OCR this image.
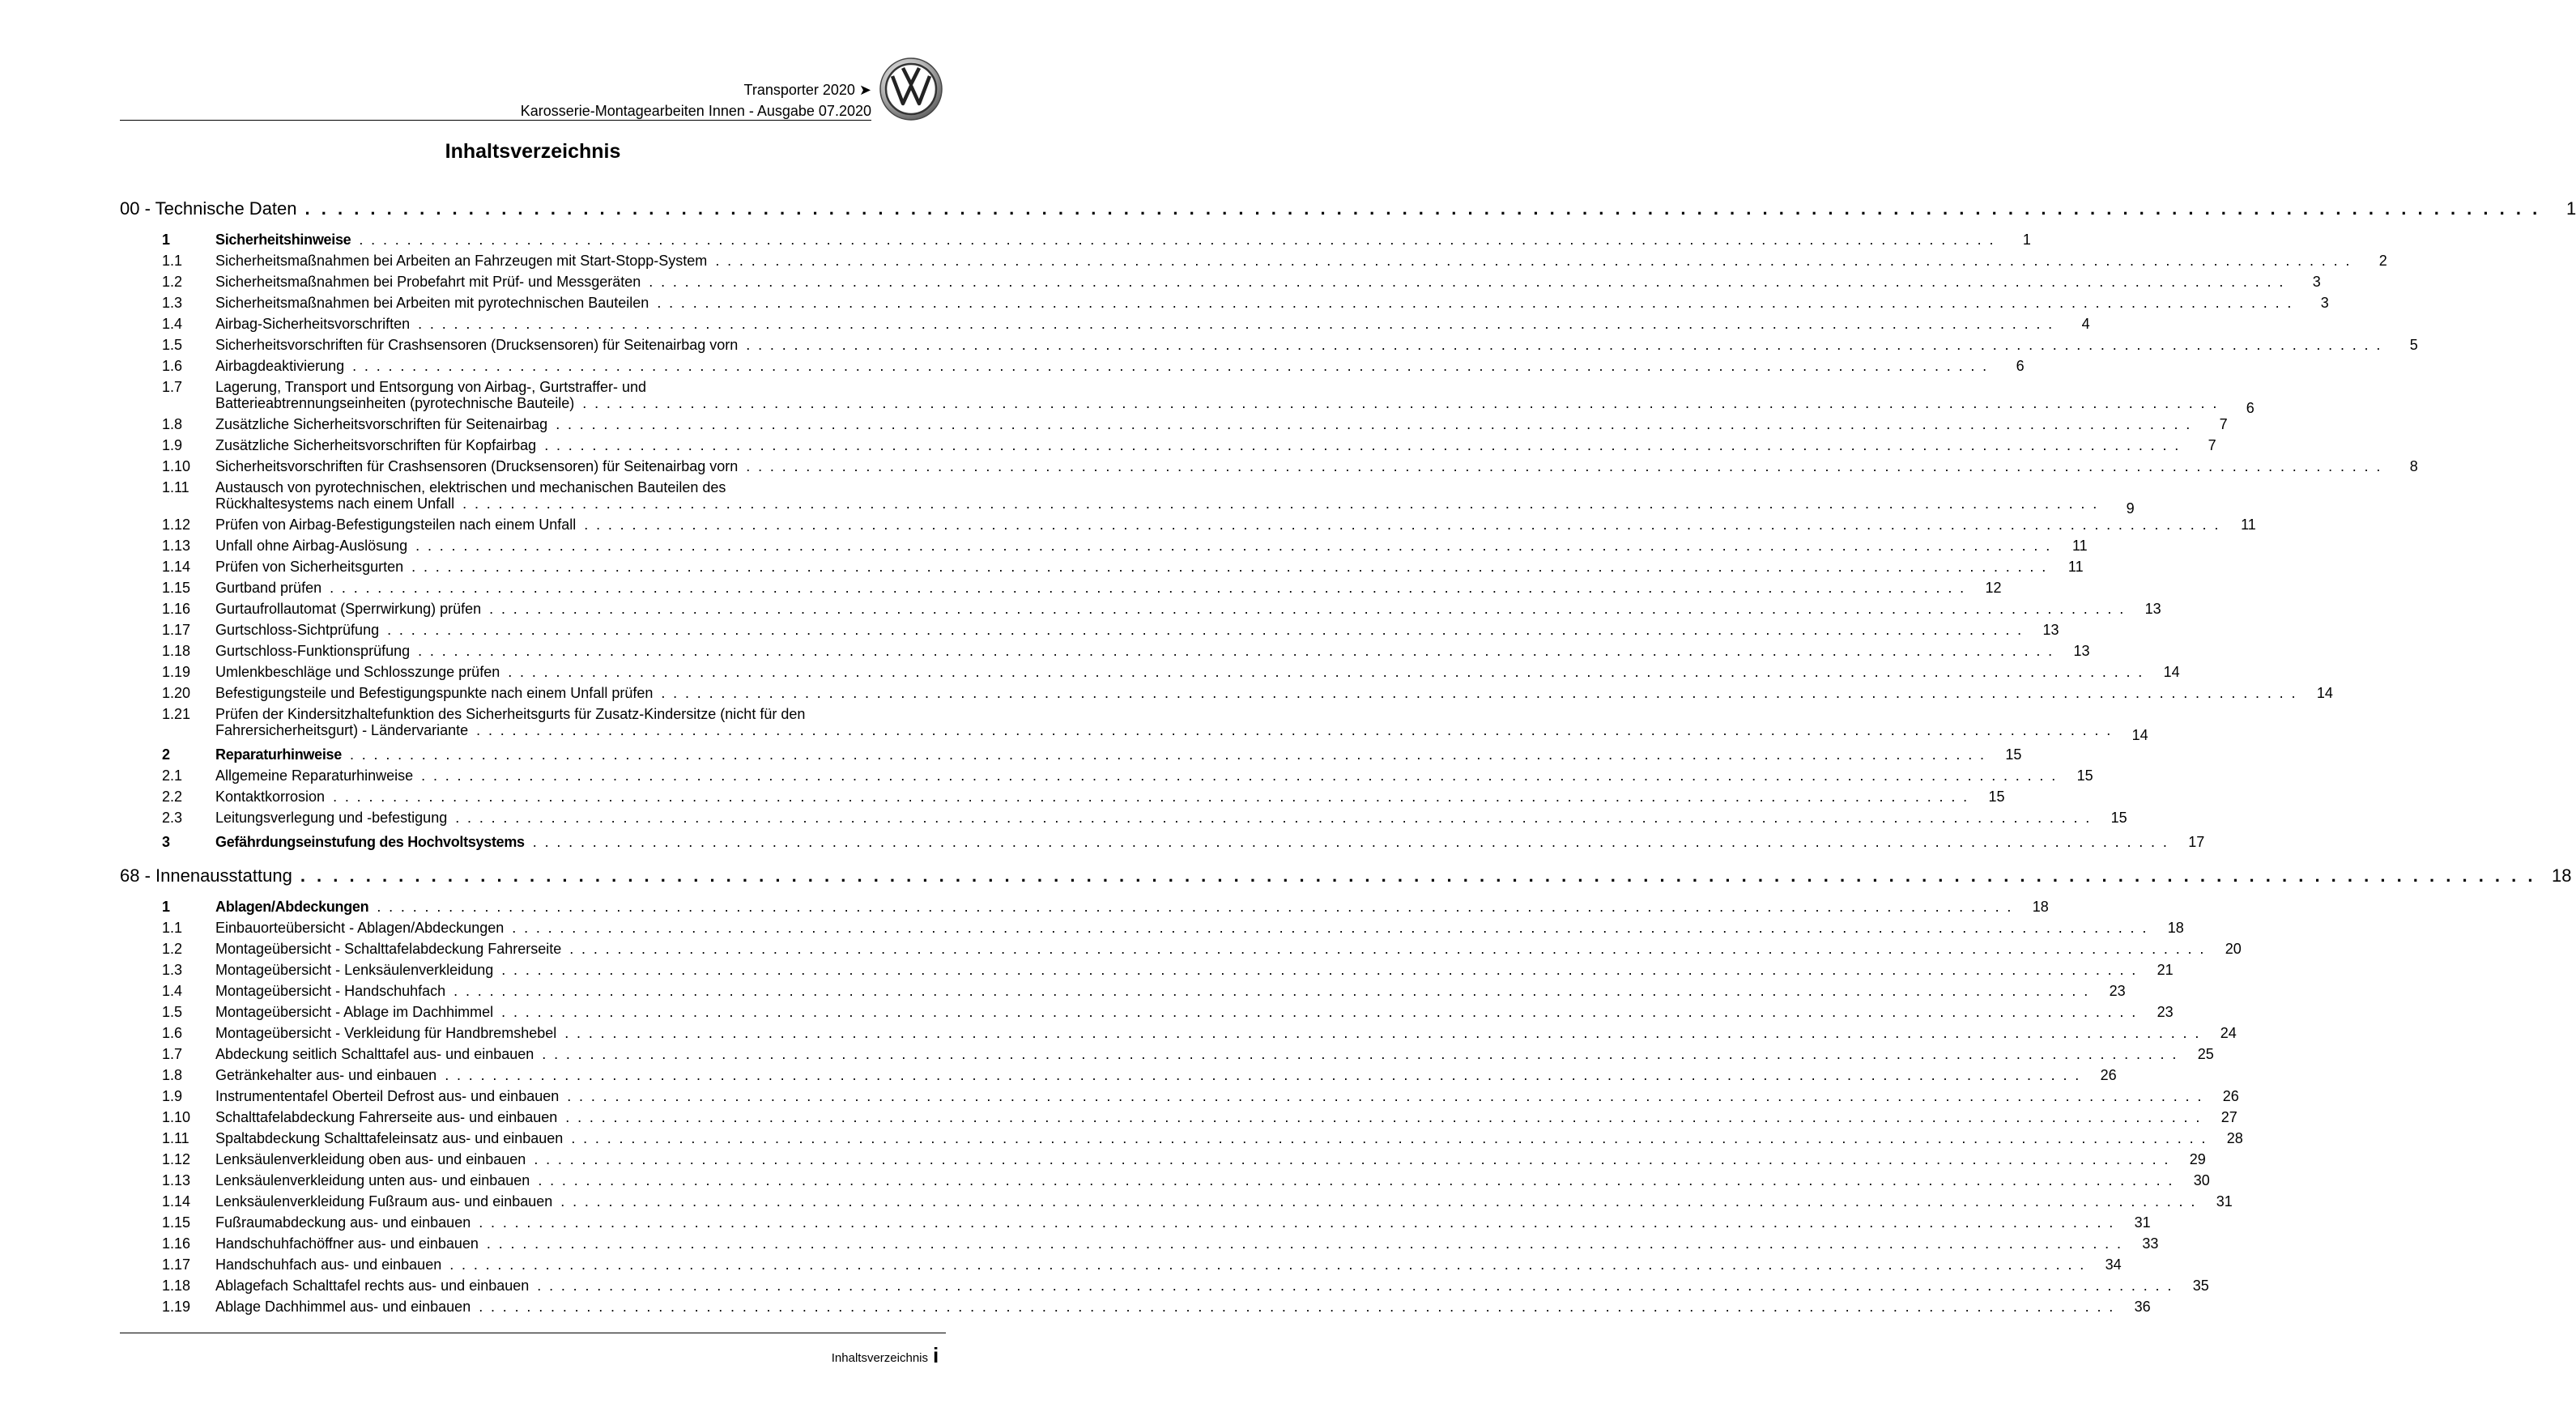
Transporter 2020 ➤
Karosserie-Montagearbeiten Innen - Ausgabe 07.2020
Inhaltsverzeichnis
00 - Technische Daten . . .	1
1	Sicherheitshinweise . . .	1
1.1	Sicherheitsmaßnahmen bei Arbeiten an Fahrzeugen mit Start-Stopp-System . . .	2
1.2	Sicherheitsmaßnahmen bei Probefahrt mit Prüf- und Messgeräten . . .	3
1.3	Sicherheitsmaßnahmen bei Arbeiten mit pyrotechnischen Bauteilen . . .	3
1.4	Airbag-Sicherheitsvorschriften . . .	4
1.5	Sicherheitsvorschriften für Crashsensoren (Drucksensoren) für Seitenairbag vorn . . .	5
1.6	Airbagdeaktivierung . . .	6
1.7	Lagerung, Transport und Entsorgung von Airbag-, Gurtstraffer- und
Batterieabtrennungseinheiten (pyrotechnische Bauteile) . . .	6
1.8	Zusätzliche Sicherheitsvorschriften für Seitenairbag . . .	7
1.9	Zusätzliche Sicherheitsvorschriften für Kopfairbag . . .	7
1.10	Sicherheitsvorschriften für Crashsensoren (Drucksensoren) für Seitenairbag vorn . . .	8
1.11	Austausch von pyrotechnischen, elektrischen und mechanischen Bauteilen des
Rückhaltesystems nach einem Unfall . . .	9
1.12	Prüfen von Airbag-Befestigungsteilen nach einem Unfall . . .	11
1.13	Unfall ohne Airbag-Auslösung . . .	11
1.14	Prüfen von Sicherheitsgurten . . .	11
1.15	Gurtband prüfen . . .	12
1.16	Gurtaufrollautomat (Sperrwirkung) prüfen . . .	13
1.17	Gurtschloss-Sichtprüfung . . .	13
1.18	Gurtschloss-Funktionsprüfung . . .	13
1.19	Umlenkbeschläge und Schlosszunge prüfen . . .	14
1.20	Befestigungsteile und Befestigungspunkte nach einem Unfall prüfen . . .	14
1.21	Prüfen der Kindersitzhaltefunktion des Sicherheitsgurts für Zusatz-Kindersitze (nicht für den
Fahrersicherheitsgurt) - Ländervariante . . .	14
2	Reparaturhinweise . . .	15
2.1	Allgemeine Reparaturhinweise . . .	15
2.2	Kontaktkorrosion . . .	15
2.3	Leitungsverlegung und -befestigung . . .	15
3	Gefährdungseinstufung des Hochvoltsystems . . .	17
68 - Innenausstattung . . .	18
1	Ablagen/Abdeckungen . . .	18
1.1	Einbauorteübersicht - Ablagen/Abdeckungen . . .	18
1.2	Montageübersicht - Schalttafelabdeckung Fahrerseite . . .	20
1.3	Montageübersicht - Lenksäulenverkleidung . . .	21
1.4	Montageübersicht - Handschuhfach . . .	23
1.5	Montageübersicht - Ablage im Dachhimmel . . .	23
1.6	Montageübersicht - Verkleidung für Handbremshebel . . .	24
1.7	Abdeckung seitlich Schalttafel aus- und einbauen . . .	25
1.8	Getränkehalter aus- und einbauen . . .	26
1.9	Instrumententafel Oberteil Defrost aus- und einbauen . . .	26
1.10	Schalttafelabdeckung Fahrerseite aus- und einbauen . . .	27
1.11	Spaltabdeckung Schalttafeleinsatz aus- und einbauen . . .	28
1.12	Lenksäulenverkleidung oben aus- und einbauen . . .	29
1.13	Lenksäulenverkleidung unten aus- und einbauen . . .	30
1.14	Lenksäulenverkleidung Fußraum aus- und einbauen . . .	31
1.15	Fußraumabdeckung aus- und einbauen . . .	31
1.16	Handschuhfachöffner aus- und einbauen . . .	33
1.17	Handschuhfach aus- und einbauen . . .	34
1.18	Ablagefach Schalttafel rechts aus- und einbauen . . .	35
1.19	Ablage Dachhimmel aus- und einbauen . . .	36
Inhaltsverzeichnis i
